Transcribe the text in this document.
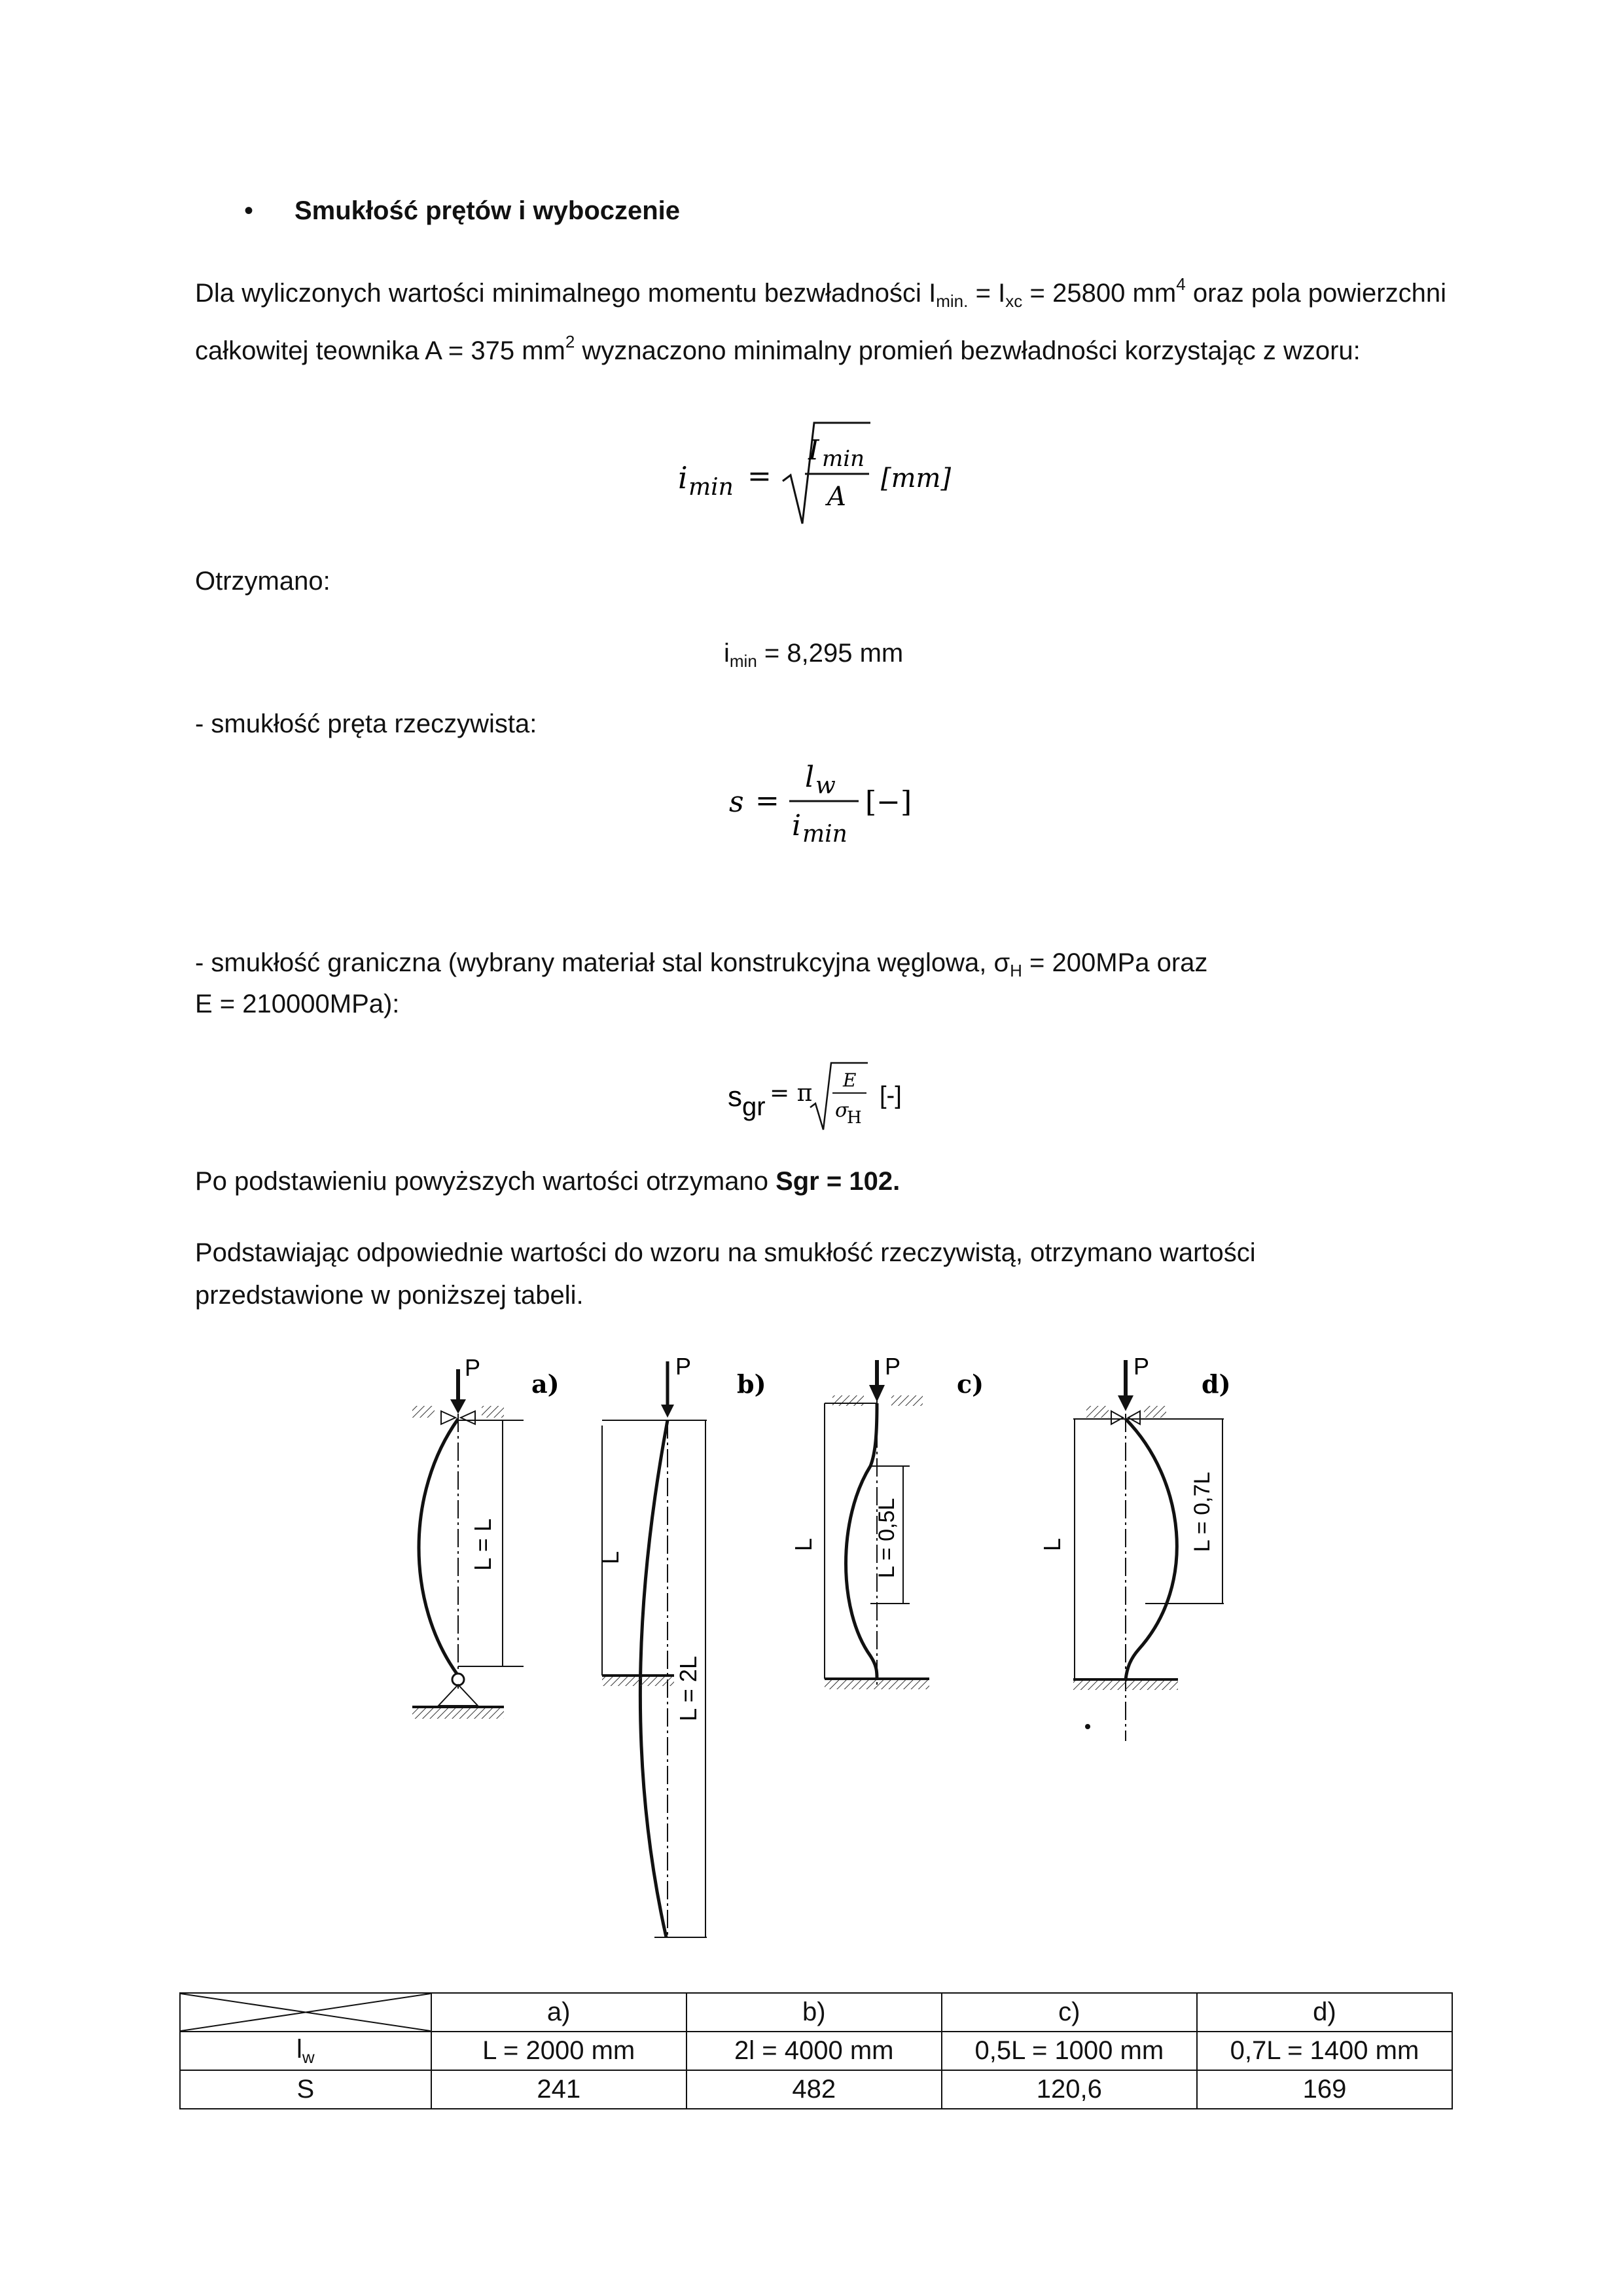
• Smukłość prętów i wyboczenie
Dla wyliczonych wartości minimalnego momentu bezwładności $I_{min.} = I_{xc} = 25800$ $mm^4$ oraz pola powierzchni całkowitej teownika A = 375 $mm^2$ wyznaczono minimalny promień bezwładności korzystając z wzoru:
i min =
I min
A
[mm]
Otrzymano:
$i_{min} = 8,295$ mm
- smukłość pręta rzeczywista:
s =
l w
i min
[−]
- smukłość graniczna (wybrany materiał stal konstrukcyjna węglowa, $\sigma_H = 200MPa$ oraz
E = 210000MPa):
s gr = π E
σ
H
[-]
Po podstawieniu powyższych wartości otrzymano Sgr = 102.
Podstawiając odpowiednie wartości do wzoru na smukłość rzeczywistą, otrzymano wartości
przedstawione w poniższej tabeli.
P
a)
L = L
P
b)
L
L = 2L
P
c)
L	L = 0,5L
P
d)
L	L = 0,7L
	a)	b)	c)	d)
$l_w$	L = 2000 mm	2l = 4000 mm	0,5L = 1000 mm	0,7L = 1400 mm
S	241	482	120,6	169
